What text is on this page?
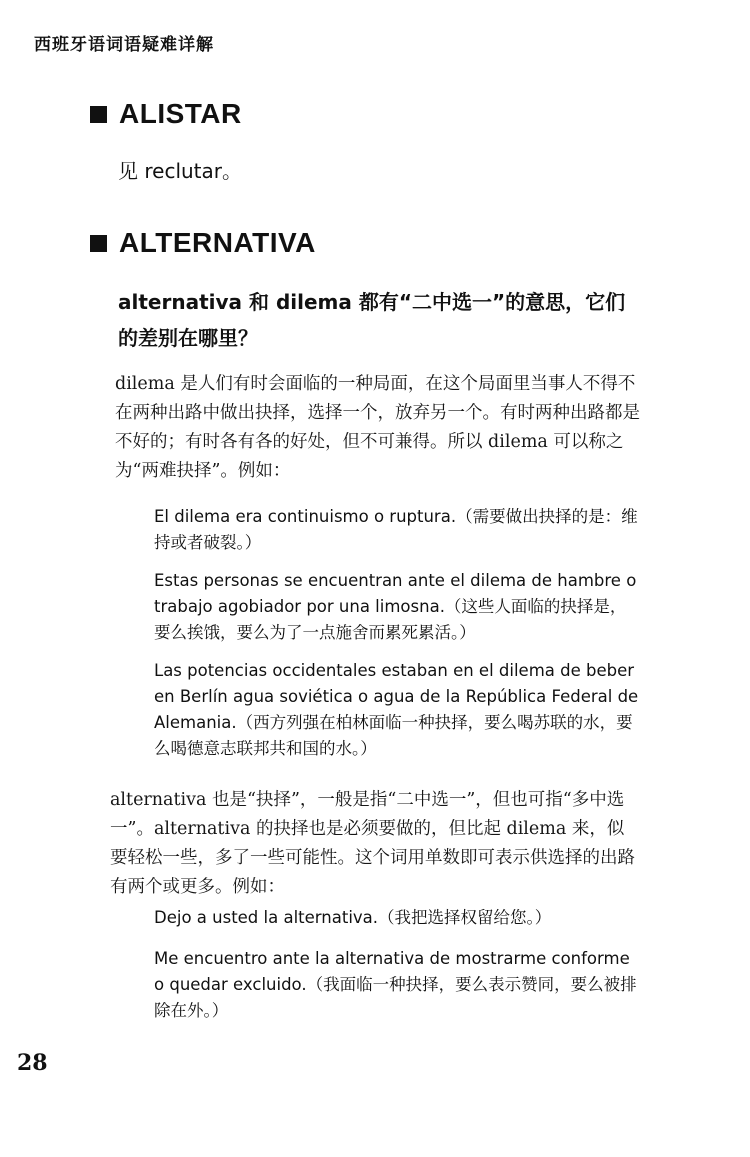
西班牙语词语疑难详解
ALISTAR
见 reclutar。
ALTERNATIVA
alternativa 和 dilema 都有“二中选一”的意思，它们的差别在哪里？
dilema 是人们有时会面临的一种局面，在这个局面里当事人不得不在两种出路中做出抉择，选择一个，放弃另一个。有时两种出路都是不好的；有时各有各的好处，但不可兼得。所以 dilema 可以称之为“两难抉择”。例如：
El dilema era continuismo o ruptura.（需要做出抉择的是：维持或者破裂。）
Estas personas se encuentran ante el dilema de hambre o trabajo agobiador por una limosna.（这些人面临的抉择是，要么挨饿，要么为了一点施舍而累死累活。）
Las potencias occidentales estaban en el dilema de beber en Berlín agua soviética o agua de la República Federal de Alemania.（西方列强在柏林面临一种抉择，要么喝苏联的水，要么喝德意志联邦共和国的水。）
alternativa 也是“抉择”，一般是指“二中选一”，但也可指“多中选一”。alternativa 的抉择也是必须要做的，但比起 dilema 来，似要轻松一些，多了一些可能性。这个词用单数即可表示供选择的出路有两个或更多。例如：
Dejo a usted la alternativa.（我把选择权留给您。）
Me encuentro ante la alternativa de mostrarme conforme o quedar excluido.（我面临一种抉择，要么表示赞同，要么被排除在外。）
28
